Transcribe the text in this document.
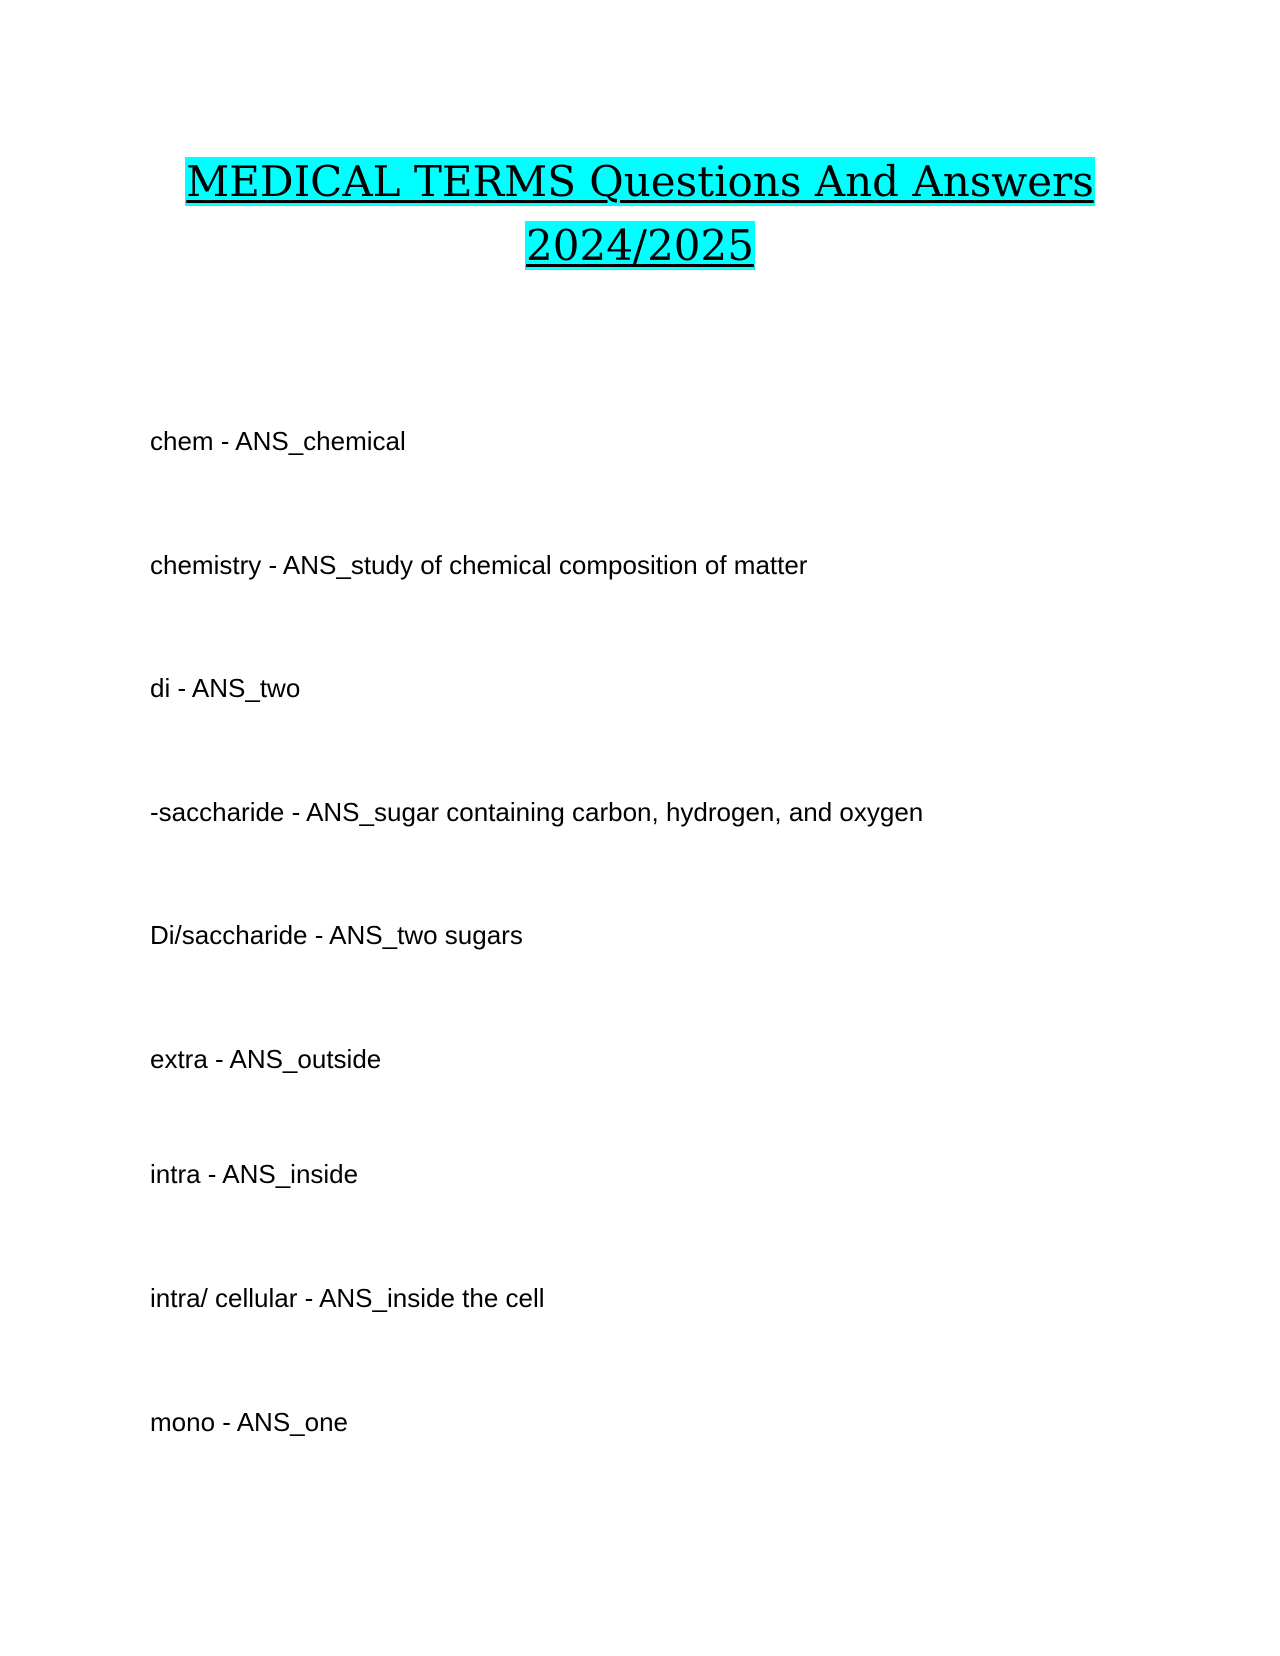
MEDICAL TERMS Questions And Answers
2024/2025
chem - ANS_chemical
chemistry - ANS_study of chemical composition of matter
di - ANS_two
-saccharide - ANS_sugar containing carbon, hydrogen, and oxygen
Di/saccharide - ANS_two sugars
extra - ANS_outside
intra - ANS_inside
intra/ cellular - ANS_inside the cell
mono - ANS_one
